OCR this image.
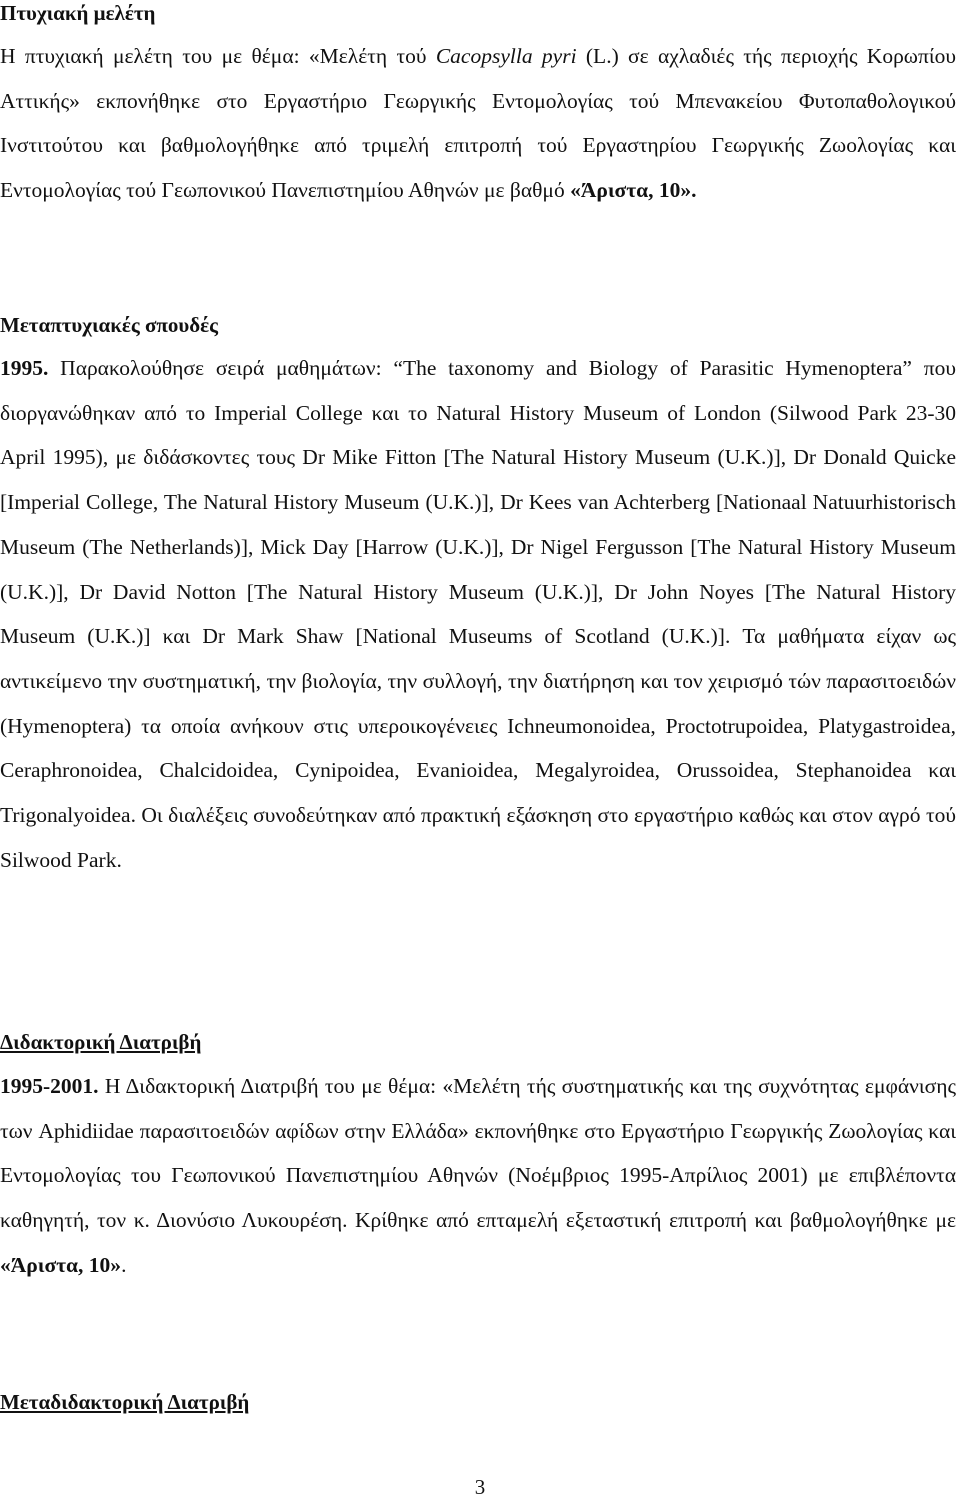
Πτυχιακή μελέτη

Η πτυχιακή μελέτη του με θέμα: «Μελέτη τού Cacopsylla pyri (L.) σε αχλαδιές τής περιοχής Κορωπίου Αττικής» εκπονήθηκε στο Εργαστήριο Γεωργικής Εντομολογίας τού Μπενακείου Φυτοπαθολογικού Ινστιτούτου και βαθμολογήθηκε από τριμελή επιτροπή τού Εργαστηρίου Γεωργικής Ζωολογίας και Εντομολογίας τού Γεωπονικού Πανεπιστημίου Αθηνών με βαθμό «Άριστα, 10».

Μεταπτυχιακές σπουδές

1995. Παρακολούθησε σειρά μαθημάτων: “The taxonomy and Biology of Parasitic Hymenoptera” που διοργανώθηκαν από το Imperial College και το Natural History Museum of London (Silwood Park 23-30 April 1995), με διδάσκοντες τους Dr Mike Fitton [The Natural History Museum (U.K.)], Dr Donald Quicke [Imperial College, The Natural History Museum (U.K.)], Dr Kees van Achterberg [Nationaal Natuurhistorisch Museum (The Netherlands)], Mick Day [Harrow (U.K.)], Dr Nigel Fergusson [The Natural History Museum (U.K.)], Dr David Notton [The Natural History Museum (U.K.)], Dr John Noyes [The Natural History Museum (U.K.)] και Dr Mark Shaw [National Museums of Scotland (U.K.)]. Τα μαθήματα είχαν ως αντικείμενο την συστηματική, την βιολογία, την συλλογή, την διατήρηση και τον χειρισμό τών παρασιτοειδών (Hymenoptera) τα οποία ανήκουν στις υπεροικογένειες Ichneumonoidea, Proctotrupoidea, Platygastroidea, Ceraphronoidea, Chalcidoidea, Cynipoidea, Evanioidea, Megalyroidea, Orussoidea, Stephanoidea και Trigonalyoidea. Οι διαλέξεις συνοδεύτηκαν από πρακτική εξάσκηση στο εργαστήριο καθώς και στον αγρό τού Silwood Park.

Διδακτορική Διατριβή

1995-2001. Η Διδακτορική Διατριβή του με θέμα: «Μελέτη τής συστηματικής και της συχνότητας εμφάνισης των Aphidiidae παρασιτοειδών αφίδων στην Ελλάδα» εκπονήθηκε στο Εργαστήριο Γεωργικής Ζωολογίας και Εντομολογίας του Γεωπονικού Πανεπιστημίου Αθηνών (Νοέμβριος 1995-Απρίλιος 2001) με επιβλέποντα καθηγητή, τον κ. Διονύσιο Λυκουρέση. Κρίθηκε από επταμελή εξεταστική επιτροπή και βαθμολογήθηκε με «Άριστα, 10».

Μεταδιδακτορική Διατριβή
3
